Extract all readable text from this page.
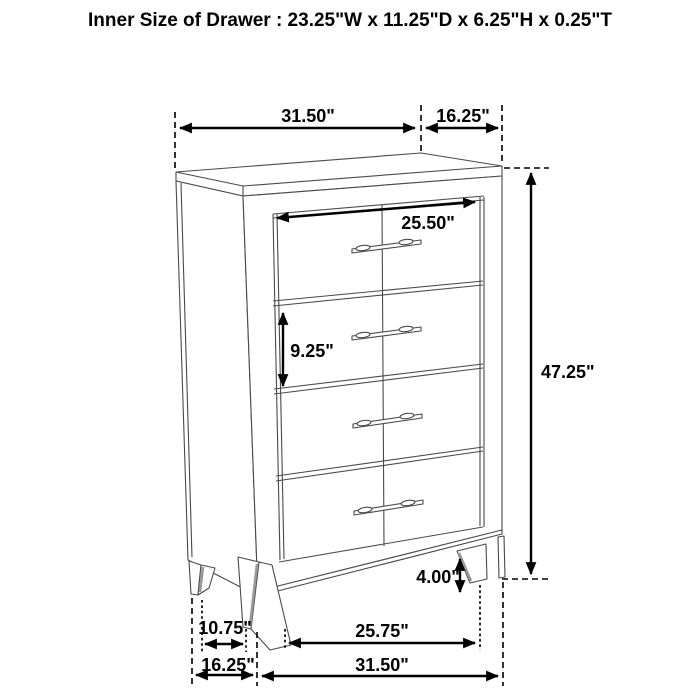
Inner Size of Drawer : 23.25"W x 11.25"D x 6.25"H x 0.25"T
31.50"	16.25"
25.50"
9.25"
47.25"
4.00"
10.75"	25.75"
16.25"	31.50"
